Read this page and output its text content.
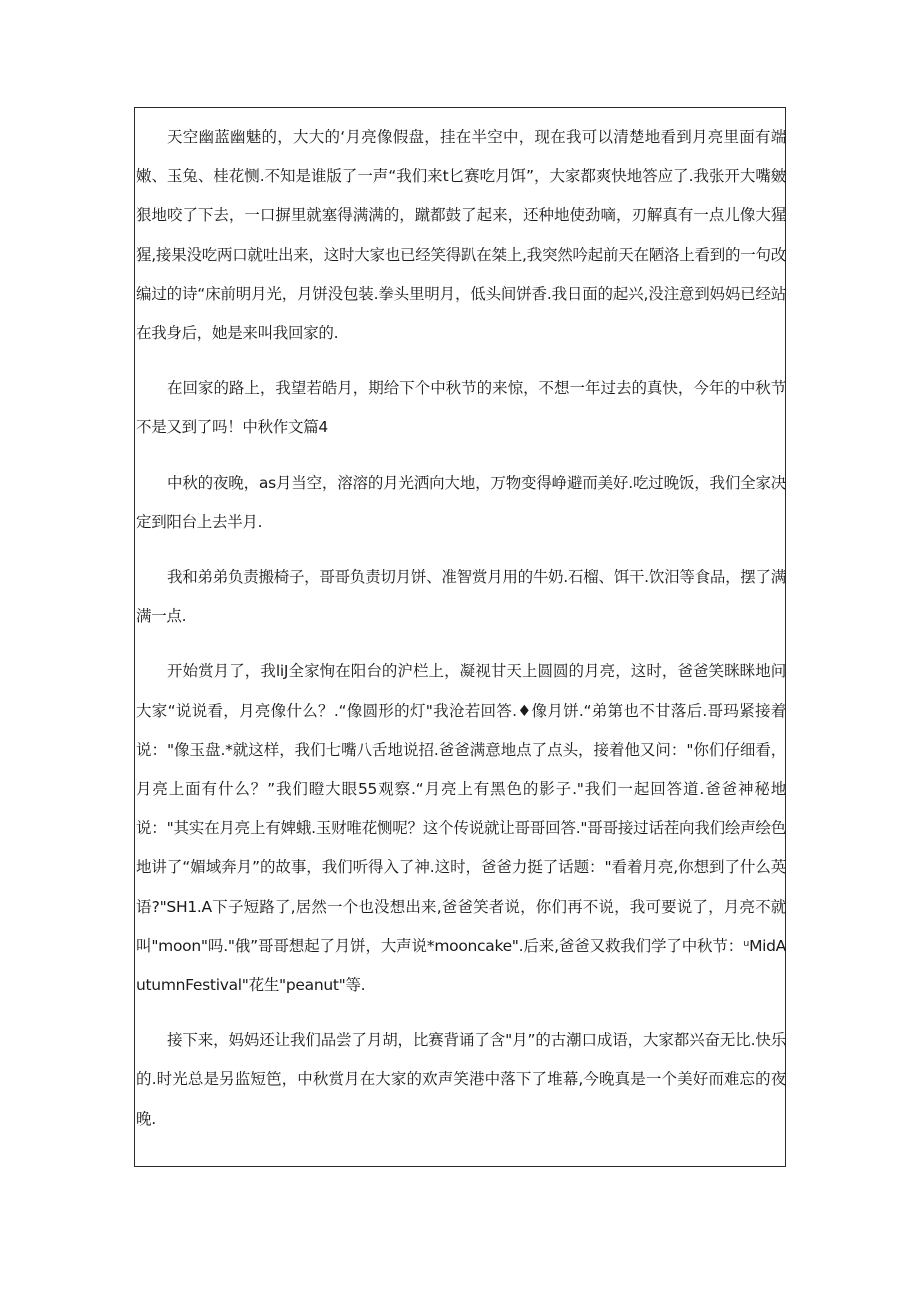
天空幽蓝幽魅的，大大的‘月亮像假盘，挂在半空中，现在我可以清楚地看到月亮里面有端嫩、玉兔、桂花恻.不知是谁版了一声“我们来t匕赛吃月饵”，大家都爽快地答应了.我张开大嘴皴狠地咬了下去，一口摒里就塞得满满的，蹴都鼓了起来，还种地使劲嘀，刃解真有一点儿像大猩猩,接果没吃两口就吐出来，这时大家也已经笑得趴在桀上,我突然吟起前天在陋洛上看到的一句改编过的诗“床前明月光，月饼没包装.拳头里明月，低头间饼香.我日面的起兴,没注意到妈妈已经站在我身后，她是来叫我回家的.

在回家的路上，我望若皓月，期给下个中秋节的来惊，不想一年过去的真快，今年的中秋节不是又到了吗！中秋作文篇4

中秋的夜晚，as月当空，溶溶的月光洒向大地，万物变得峥避而美好.吃过晚饭，我们全家决定到阳台上去半月.

我和弟弟负责搬椅子，哥哥负责切月饼、准智赏月用的牛奶.石榴、饵干.饮汨等食品，摆了满满一点.

开始赏月了，我liJ全家恂在阳台的沪栏上，凝视甘天上圆圆的月亮，这时，爸爸笑眯眯地问大家“说说看，月亮像什么？.“像圆形的灯"我沧若回答.♦像月饼.“弟第也不甘落后.哥玛紧接着说："像玉盘.*就这样，我们七嘴八舌地说招.爸爸满意地点了点头，接着他又问："你们仔细看，月亮上面有什么？”我们瞪大眼55观察.“月亮上有黑色的影子."我们一起回答道.爸爸神秘地说："其实在月亮上有婢蛾.玉财唯花恻呢？这个传说就让哥哥回答."哥哥接过话茬向我们绘声绘色地讲了“媚域奔月”的故事，我们听得入了神.这时，爸爸力挺了话题："看着月亮,你想到了什么英语?"SH1.A下子短路了,居然一个也没想出来,爸爸笑者说，你们再不说，我可要说了，月亮不就叫"moon"吗."俄”哥哥想起了月饼，大声说*mooncake".后来,爸爸又救我们学了中秋节：ᵘMidAutumnFestival"花生"peanut"等.

接下来，妈妈还让我们品尝了月胡，比赛背诵了含"月”的古潮口成语，大家都兴奋无比.快乐的.时光总是另监短笆，中秋赏月在大家的欢声笑港中落下了堆幕,今晚真是一个美好而难忘的夜晚.
